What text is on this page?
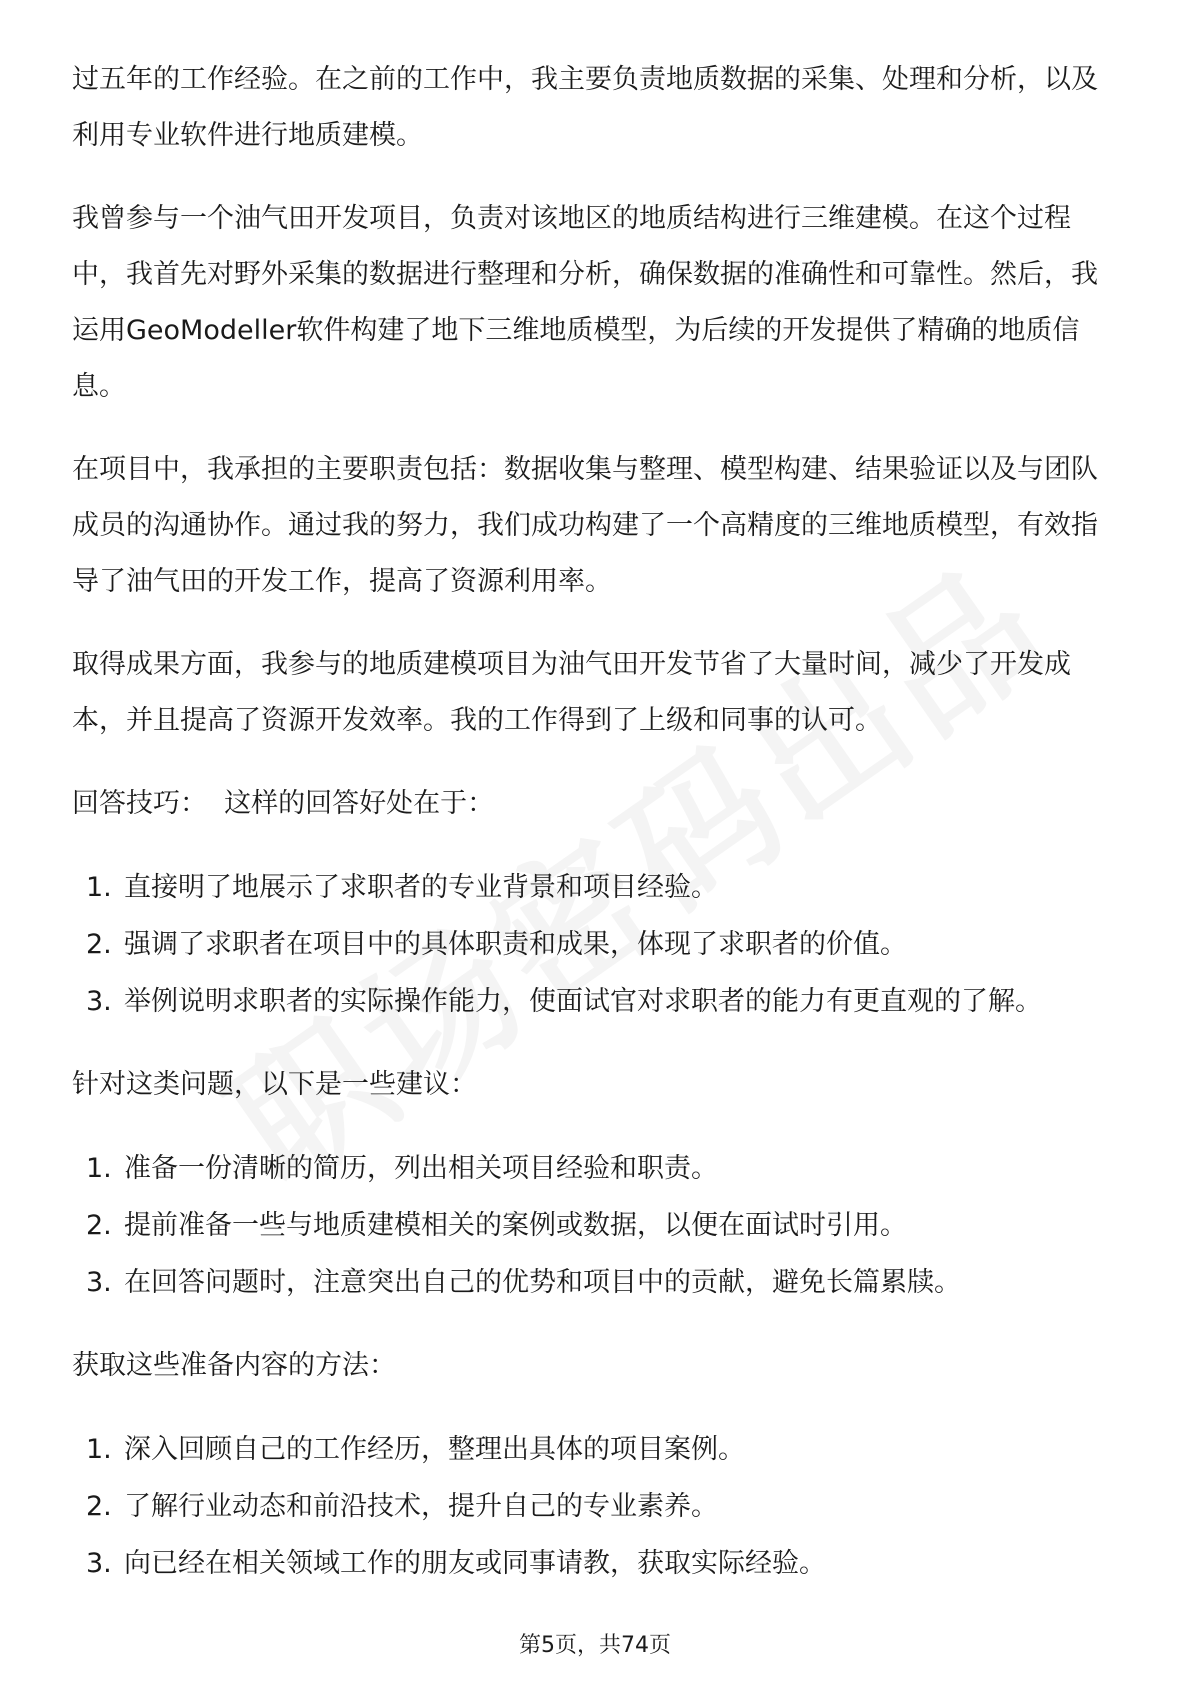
过五年的工作经验。在之前的工作中，我主要负责地质数据的采集、处理和分析，以及利用专业软件进行地质建模。

我曾参与一个油气田开发项目，负责对该地区的地质结构进行三维建模。在这个过程中，我首先对野外采集的数据进行整理和分析，确保数据的准确性和可靠性。然后，我运用GeoModeller软件构建了地下三维地质模型，为后续的开发提供了精确的地质信息。

在项目中，我承担的主要职责包括：数据收集与整理、模型构建、结果验证以及与团队成员的沟通协作。通过我的努力，我们成功构建了一个高精度的三维地质模型，有效指导了油气田的开发工作，提高了资源利用率。

取得成果方面，我参与的地质建模项目为油气田开发节省了大量时间，减少了开发成本，并且提高了资源开发效率。我的工作得到了上级和同事的认可。

回答技巧：  这样的回答好处在于：

1. 直接明了地展示了求职者的专业背景和项目经验。
2. 强调了求职者在项目中的具体职责和成果，体现了求职者的价值。
3. 举例说明求职者的实际操作能力，使面试官对求职者的能力有更直观的了解。

针对这类问题，以下是一些建议：

1. 准备一份清晰的简历，列出相关项目经验和职责。
2. 提前准备一些与地质建模相关的案例或数据，以便在面试时引用。
3. 在回答问题时，注意突出自己的优势和项目中的贡献，避免长篇累牍。

获取这些准备内容的方法：

1. 深入回顾自己的工作经历，整理出具体的项目案例。
2. 了解行业动态和前沿技术，提升自己的专业素养。
3. 向已经在相关领域工作的朋友或同事请教，获取实际经验。
第5页，共74页
